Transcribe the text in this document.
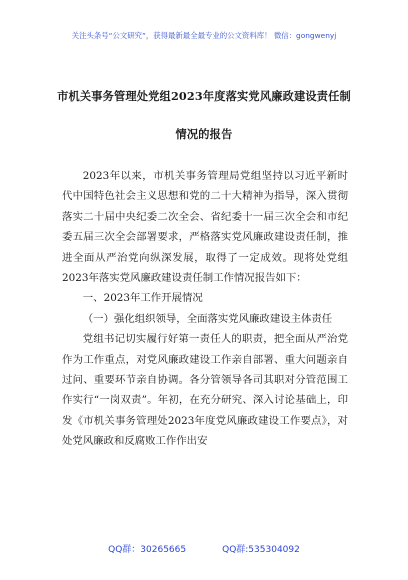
关注头条号“公文研究”，获得最新最全最专业的公文资料库！ 微信：gongwenyj
市机关事务管理处党组2023年度落实党风廉政建设责任制
情况的报告

2023年以来，市机关事务管理局党组坚持以习近平新时代中国特色社会主义思想和党的二十大精神为指导，深入贯彻落实二十届中央纪委二次全会、省纪委十一届三次全会和市纪委五届三次全会部署要求，严格落实党风廉政建设责任制，推进全面从严治党向纵深发展，取得了一定成效。现将处党组2023年落实党风廉政建设责任制工作情况报告如下：

一、2023年工作开展情况

（一）强化组织领导，全面落实党风廉政建设主体责任

党组书记切实履行好第一责任人的职责，把全面从严治党作为工作重点，对党风廉政建设工作亲自部署、重大问题亲自过问、重要环节亲自协调。各分管领导各司其职对分管范围工作实行“一岗双责”。年初，在充分研究、深入讨论基础上，印发《市机关事务管理处2023年度党风廉政建设工作要点》，对处党风廉政和反腐败工作作出安

QQ群：30265665	QQ群:535304092
